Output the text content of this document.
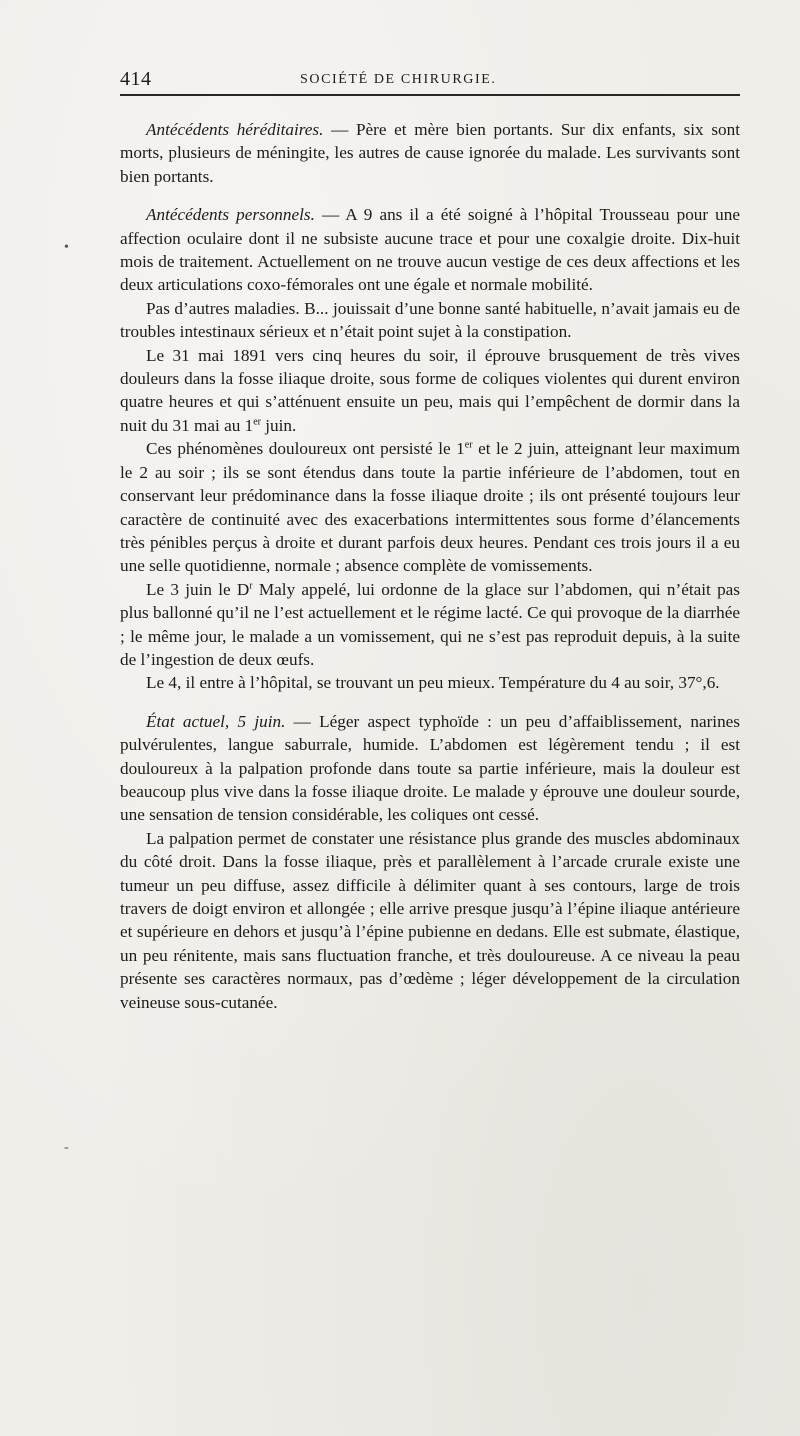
414	SOCIÉTÉ DE CHIRURGIE.
•
-

Antécédents héréditaires. — Père et mère bien portants. Sur dix enfants, six sont morts, plusieurs de méningite, les autres de cause ignorée du malade. Les survivants sont bien portants.

Antécédents personnels. — A 9 ans il a été soigné à l’hôpital Trousseau pour une affection oculaire dont il ne subsiste aucune trace et pour une coxalgie droite. Dix-huit mois de traitement. Actuellement on ne trouve aucun vestige de ces deux affections et les deux articulations coxo-fémorales ont une égale et normale mobilité.

Pas d’autres maladies. B... jouissait d’une bonne santé habituelle, n’avait jamais eu de troubles intestinaux sérieux et n’était point sujet à la constipation.

Le 31 mai 1891 vers cinq heures du soir, il éprouve brusquement de très vives douleurs dans la fosse iliaque droite, sous forme de coliques violentes qui durent environ quatre heures et qui s’atténuent ensuite un peu, mais qui l’empêchent de dormir dans la nuit du 31 mai au 1er juin.

Ces phénomènes douloureux ont persisté le 1er et le 2 juin, atteignant leur maximum le 2 au soir ; ils se sont étendus dans toute la partie inférieure de l’abdomen, tout en conservant leur prédominance dans la fosse iliaque droite ; ils ont présenté toujours leur caractère de continuité avec des exacerbations intermittentes sous forme d’élancements très pénibles perçus à droite et durant parfois deux heures. Pendant ces trois jours il a eu une selle quotidienne, normale ; absence complète de vomissements.

Le 3 juin le $D^r$ Maly appelé, lui ordonne de la glace sur l’abdomen, qui n’était pas plus ballonné qu’il ne l’est actuellement et le régime lacté. Ce qui provoque de la diarrhée ; le même jour, le malade a un vomissement, qui ne s’est pas reproduit depuis, à la suite de l’ingestion de deux œufs.

Le 4, il entre à l’hôpital, se trouvant un peu mieux. Température du 4 au soir, 37°,6.

État actuel, 5 juin. — Léger aspect typhoïde : un peu d’affaiblissement, narines pulvérulentes, langue saburrale, humide. L’abdomen est légèrement tendu ; il est douloureux à la palpation profonde dans toute sa partie inférieure, mais la douleur est beaucoup plus vive dans la fosse iliaque droite. Le malade y éprouve une douleur sourde, une sensation de tension considérable, les coliques ont cessé.

La palpation permet de constater une résistance plus grande des muscles abdominaux du côté droit. Dans la fosse iliaque, près et parallèlement à l’arcade crurale existe une tumeur un peu diffuse, assez difficile à délimiter quant à ses contours, large de trois travers de doigt environ et allongée ; elle arrive presque jusqu’à l’épine iliaque antérieure et supérieure en dehors et jusqu’à l’épine pubienne en dedans. Elle est submate, élastique, un peu rénitente, mais sans fluctuation franche, et très douloureuse. A ce niveau la peau présente ses caractères normaux, pas d’œdème ; léger développement de la circulation veineuse sous-cutanée.
